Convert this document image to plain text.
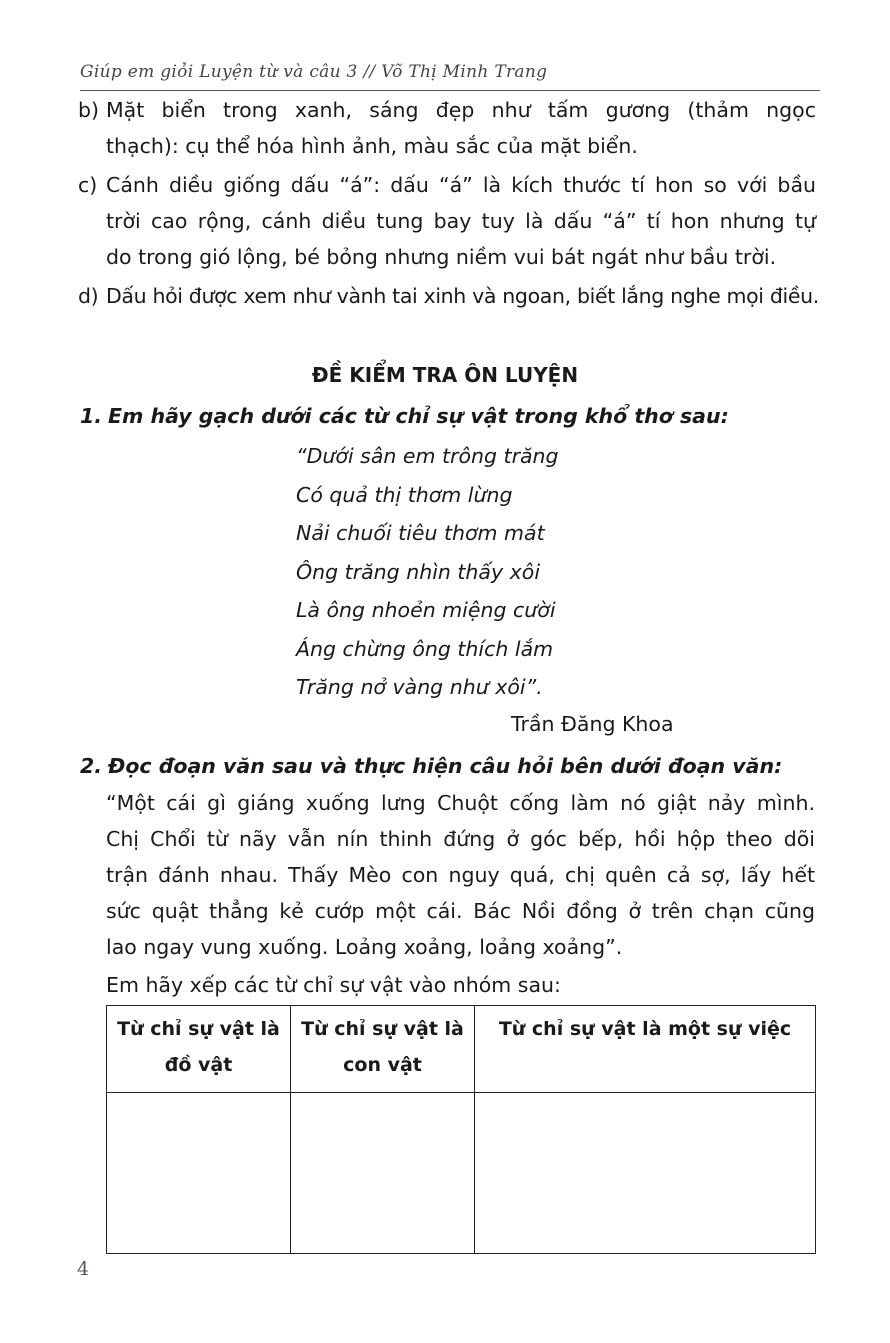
Giúp em giỏi Luyện từ và câu 3 // Võ Thị Minh Trang
b) Mặt biển trong xanh, sáng đẹp như tấm gương (thảm ngọc
thạch): cụ thể hóa hình ảnh, màu sắc của mặt biển.
c) Cánh diều giống dấu “á”: dấu “á” là kích thước tí hon so với bầu
trời cao rộng, cánh diều tung bay tuy là dấu “á” tí hon nhưng tự
do trong gió lộng, bé bỏng nhưng niềm vui bát ngát như bầu trời.
d) Dấu hỏi được xem như vành tai xinh và ngoan, biết lắng nghe mọi điều.
ĐỀ KIỂM TRA ÔN LUYỆN
1. Em hãy gạch dưới các từ chỉ sự vật trong khổ thơ sau:
“Dưới sân em trông trăng
Có quả thị thơm lừng
Nải chuối tiêu thơm mát
Ông trăng nhìn thấy xôi
Là ông nhoẻn miệng cười
Áng chừng ông thích lắm
Trăng nở vàng như xôi”.
Trần Đăng Khoa
2. Đọc đoạn văn sau và thực hiện câu hỏi bên dưới đoạn văn:
“Một cái gì giáng xuống lưng Chuột cống làm nó giật nảy mình.
Chị Chổi từ nãy vẫn nín thinh đứng ở góc bếp, hồi hộp theo dõi
trận đánh nhau. Thấy Mèo con nguy quá, chị quên cả sợ, lấy hết
sức quật thẳng kẻ cướp một cái. Bác Nồi đồng ở trên chạn cũng
lao ngay vung xuống. Loảng xoảng, loảng xoảng”.
Em hãy xếp các từ chỉ sự vật vào nhóm sau:
Từ chỉ sự vật là đồ vật	Từ chỉ sự vật là con vật	Từ chỉ sự vật là một sự việc

4
